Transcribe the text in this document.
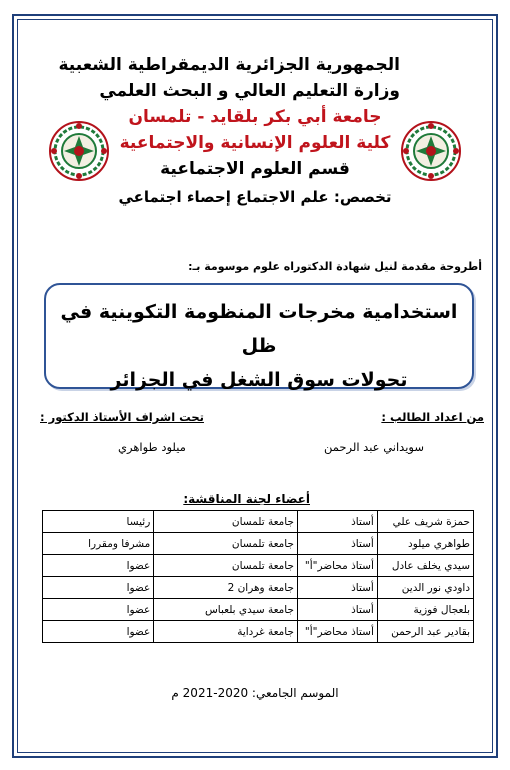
الجمهورية الجزائرية الديمقراطية الشعبية
وزارة التعليم العالي و البحث العلمي
جامعة أبي بكر بلقايد - تلمسان
كلية العلوم الإنسانية والاجتماعية
قسم العلوم الاجتماعية
تخصص: علم الاجتماع إحصاء اجتماعي
أطروحة مقدمة لنيل شهادة الدكتوراه علوم موسومة بـ:
استخدامية مخرجات المنظومة التكوينية في ظل
تحولات سوق الشغل في الجزائر
من اعداد الطالب :
تحت اشراف الأستاذ الدكتور :
سويداني عبد الرحمن
ميلود طواهري
أعضاء لجنة المناقشة:
حمزة شريف علي	أستاذ	جامعة تلمسان	رئيسا
طواهري ميلود	أستاذ	جامعة تلمسان	مشرفا ومقررا
سيدي يخلف عادل	أستاذ محاضر"أ"	جامعة تلمسان	عضوا
داودي نور الدين	أستاذ	جامعة وهران 2	عضوا
بلعجال فوزية	أستاذ	جامعة سيدي بلعباس	عضوا
بقادير عبد الرحمن	أستاذ محاضر"أ"	جامعة غرداية	عضوا
الموسم الجامعي: 2020-2021 م
